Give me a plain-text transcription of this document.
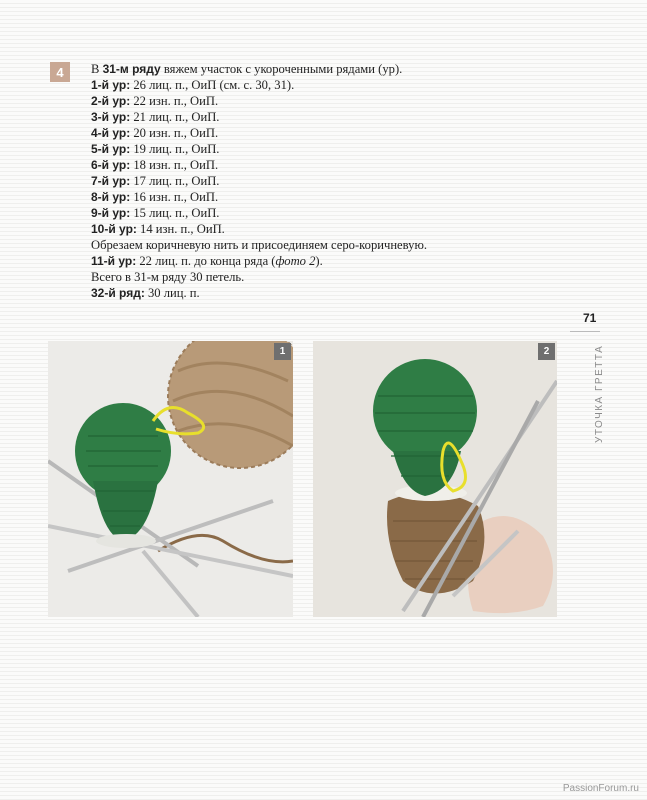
4	В 31-м ряду вяжем участок с укороченными рядами (ур).
1-й ур: 26 лиц. п., ОиП (см. с. 30, 31).
2-й ур: 22 изн. п., ОиП.
3-й ур: 21 лиц. п., ОиП.
4-й ур: 20 изн. п., ОиП.
5-й ур: 19 лиц. п., ОиП.
6-й ур: 18 изн. п., ОиП.
7-й ур: 17 лиц. п., ОиП.
8-й ур: 16 изн. п., ОиП.
9-й ур: 15 лиц. п., ОиП.
10-й ур: 14 изн. п., ОиП.
Обрезаем коричневую нить и присоединяем серо-коричневую.
11-й ур: 22 лиц. п. до конца ряда (фото 2).
Всего в 31-м ряду 30 петель.
32-й ряд: 30 лиц. п.
71
УТОЧКА ГРЕТТА
1	2
PassionForum.ru
